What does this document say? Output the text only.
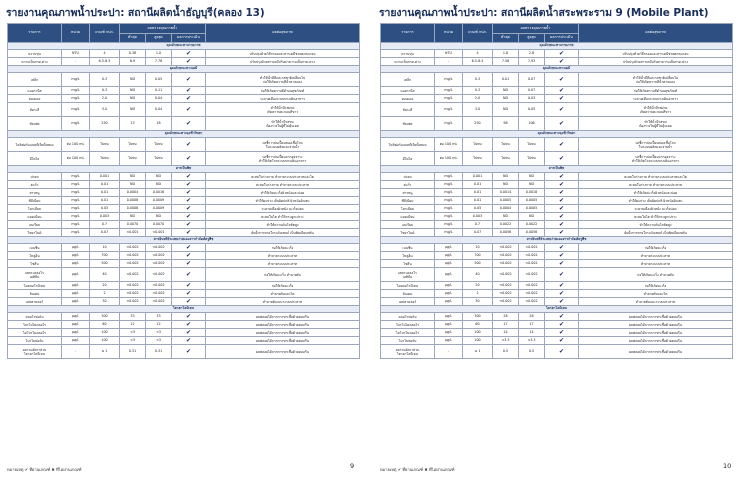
รายงานคุณภาพน้ำประปา: สถานีผลิตน้ำธัญบุรี(คลอง 13)
รายการ	หน่วย	เกณฑ์ กปภ.	ผลตรวจคุณภาพน้ำ			ผลต่อสุขภาพ
			ต่ำสุด	สูงสุด	ผลการประเมิน	
คุณลักษณะทางกายภาพ						

ความขุ่น	NTU	4	0.38	1.0	✔	ปรับปรุงด้วยวิธีกรองและสารเคมีช่วยตกตะกอน

ความเป็นกรด-ด่าง	-	6.5-8.5	6.9	7.78	✔	ปรับปรุงด้วยสารเคมีปรับค่าความเป็นกรด-ด่าง

คุณลักษณะทางเคมี						

เหล็ก	mg/L	0.3	ND	0.05	✔	ทำให้น้ำมีสีและรสชาติเปลี่ยนไป
ก่อให้เกิดคราบสีน้ำตาลแดง

แมงกานีส	mg/L	0.3	ND	0.11	✔	ก่อให้เกิดคราบสีดำบนสุขภัณฑ์

ทองแดง	mg/L	2.0	ND	0.04	✔	ระคายเคืองระบบทางเดินอาหาร

สังกะสี	mg/L	3.0	ND	0.04	✔	ทำให้น้ำมีรสฝาด
เกิดคราบตะกอนสีขาว

ซัลเฟต	mg/L	250	13	18	✔	ทำให้น้ำมีรสขม
ท้องร่วงในผู้ที่ไม่คุ้นเคย

คุณลักษณะทางจุลชีววิทยา						

โคลิฟอร์มแบคทีเรียทั้งหมด	ต่อ 100 mL	ไม่พบ	ไม่พบ	ไม่พบ	✔	บ่งชี้การปนเปื้อนของเชื้อโรค
ในระบบผลิตและจ่ายน้ำ

อีโคไล	ต่อ 100 mL	ไม่พบ	ไม่พบ	ไม่พบ	✔	บ่งชี้การปนเปื้อนจากอุจจาระ
ทำให้เกิดโรคระบบทางเดินอาหาร

สารเป็นพิษ						

ปรอท	mg/L	0.001	ND	ND	✔	สะสมในร่างกาย ทำลายระบบประสาทและไต

ตะกั่ว	mg/L	0.01	ND	ND	✔	สะสมในร่างกาย ทำลายระบบประสาท

สารหนู	mg/L	0.01	0.0004	0.0016	✔	ทำให้เกิดมะเร็งผิวหนังและปอด

ซีลีเนียม	mg/L	0.01	0.0008	0.0009	✔	ทำให้ผมร่วง เล็บผิดปกติ ผิวหนังอักเสบ

โครเมียม	mg/L	0.05	0.0008	0.0009	✔	ระคายเคืองผิวหนัง มะเร็งปอด

แคดเมียม	mg/L	0.003	ND	ND	✔	สะสมในไต ทำให้กระดูกเปราะ

แบเรียม	mg/L	0.7	0.0070	0.0070	✔	ทำให้ความดันโลหิตสูง

ไซยาไนด์	mg/L	0.07	<0.001	<0.001	✔	ยับยั้งการหายใจระดับเซลล์ เป็นพิษเฉียบพลัน

สารอินทรีย์ระเหยง่ายและสารกำจัดศัตรูพืช						

เบนซีน	µg/L	10	<0.002	<0.002	✔	ก่อให้เกิดมะเร็ง

โทลูอีน	µg/L	700	<0.002	<0.002	✔	ทำลายระบบประสาท

ไซลีน	µg/L	500	<0.002	<0.002	✔	ทำลายระบบประสาท

เตตระคลอโร
เอทิลีน	µg/L	40	<0.002	<0.002	✔	ก่อให้เกิดมะเร็ง ทำลายตับ

ไดคลอโรมีเทน	µg/L	20	<0.002	<0.002	✔	ก่อให้เกิดมะเร็ง

ลินเดน	µg/L	2	<0.002	<0.002	✔	ทำลายตับและไต

เฮปตาคลอร์	µg/L	30	<0.002	<0.002	✔	ทำลายตับและระบบประสาท

ไตรฮาโลมีเทน						

คลอโรฟอร์ม	µg/L	300	33	33	✔	ผลพลอยได้จากการฆ่าเชื้อด้วยคลอรีน

โบรโมไดคลอโร	µg/L	60	12	12	✔	ผลพลอยได้จากการฆ่าเชื้อด้วยคลอรีน

ไดโบรโมคลอโร	µg/L	100	<3	<3	✔	ผลพลอยได้จากการฆ่าเชื้อด้วยคลอรีน

โบรโมฟอร์ม	µg/L	100	<3	<3	✔	ผลพลอยได้จากการฆ่าเชื้อด้วยคลอรีน

ผลรวมอัตราส่วน
ไตรฮาโลมีเทน	-	≤ 1	0.31	0.31	✔	ผลพลอยได้จากการฆ่าเชื้อด้วยคลอรีน
หมายเหตุ ✔ ที่ผ่านเกณฑ์ ✖ ที่ไม่ผ่านเกณฑ์	9
รายงานคุณภาพน้ำประปา: สถานีผลิตน้ำสระพระราม 9 (Mobile Plant)
รายการ	หน่วย	เกณฑ์ กปภ.	ผลตรวจคุณภาพน้ำ			ผลต่อสุขภาพ
			ต่ำสุด	สูงสุด	ผลการประเมิน	
คุณลักษณะทางกายภาพ						

ความขุ่น	NTU	4	1.8	2.8	✔	ปรับปรุงด้วยวิธีกรองและสารเคมีช่วยตกตะกอน

ความเป็นกรด-ด่าง	-	6.5-8.5	7.58	7.93	✔	ปรับปรุงด้วยสารเคมีปรับค่าความเป็นกรด-ด่าง

คุณลักษณะทางเคมี						

เหล็ก	mg/L	0.3	0.01	0.07	✔	ทำให้น้ำมีสีและรสชาติเปลี่ยนไป
ก่อให้เกิดคราบสีน้ำตาลแดง

แมงกานีส	mg/L	0.3	ND	0.07	✔	ก่อให้เกิดคราบสีดำบนสุขภัณฑ์

ทองแดง	mg/L	2.0	ND	0.03	✔	ระคายเคืองระบบทางเดินอาหาร

สังกะสี	mg/L	3.0	ND	0.05	✔	ทำให้น้ำมีรสฝาด
เกิดคราบตะกอนสีขาว

ซัลเฟต	mg/L	250	96	106	✔	ทำให้น้ำมีรสขม
ท้องร่วงในผู้ที่ไม่คุ้นเคย

คุณลักษณะทางจุลชีววิทยา						

โคลิฟอร์มแบคทีเรียทั้งหมด	ต่อ 100 mL	ไม่พบ	ไม่พบ	ไม่พบ	✔	บ่งชี้การปนเปื้อนของเชื้อโรค
ในระบบผลิตและจ่ายน้ำ

อีโคไล	ต่อ 100 mL	ไม่พบ	ไม่พบ	ไม่พบ	✔	บ่งชี้การปนเปื้อนจากอุจจาระ
ทำให้เกิดโรคระบบทางเดินอาหาร

สารเป็นพิษ						

ปรอท	mg/L	0.001	ND	ND	✔	สะสมในร่างกาย ทำลายระบบประสาทและไต

ตะกั่ว	mg/L	0.01	ND	ND	✔	สะสมในร่างกาย ทำลายระบบประสาท

สารหนู	mg/L	0.01	0.0014	0.0018	✔	ทำให้เกิดมะเร็งผิวหนังและปอด

ซีลีเนียม	mg/L	0.01	0.0005	0.0005	✔	ทำให้ผมร่วง เล็บผิดปกติ ผิวหนังอักเสบ

โครเมียม	mg/L	0.05	0.0004	0.0005	✔	ระคายเคืองผิวหนัง มะเร็งปอด

แคดเมียม	mg/L	0.003	ND	ND	✔	สะสมในไต ทำให้กระดูกเปราะ

แบเรียม	mg/L	0.7	0.0022	0.0022	✔	ทำให้ความดันโลหิตสูง

ไซยาไนด์	mg/L	0.07	0.0056	0.0056	✔	ยับยั้งการหายใจระดับเซลล์ เป็นพิษเฉียบพลัน

สารอินทรีย์ระเหยง่ายและสารกำจัดศัตรูพืช						

เบนซีน	µg/L	10	<0.002	<0.002	✔	ก่อให้เกิดมะเร็ง

โทลูอีน	µg/L	700	<0.002	<0.002	✔	ทำลายระบบประสาท

ไซลีน	µg/L	500	<0.002	<0.002	✔	ทำลายระบบประสาท

เตตระคลอโร
เอทิลีน	µg/L	40	<0.002	<0.002	✔	ก่อให้เกิดมะเร็ง ทำลายตับ

ไดคลอโรมีเทน	µg/L	20	<0.002	<0.002	✔	ก่อให้เกิดมะเร็ง

ลินเดน	µg/L	2	<0.002	<0.002	✔	ทำลายตับและไต

เฮปตาคลอร์	µg/L	30	<0.002	<0.002	✔	ทำลายตับและระบบประสาท

ไตรฮาโลมีเทน						

คลอโรฟอร์ม	µg/L	300	28	28	✔	ผลพลอยได้จากการฆ่าเชื้อด้วยคลอรีน

โบรโมไดคลอโร	µg/L	60	17	17	✔	ผลพลอยได้จากการฆ่าเชื้อด้วยคลอรีน

ไดโบรโมคลอโร	µg/L	100	14	14	✔	ผลพลอยได้จากการฆ่าเชื้อด้วยคลอรีน

โบรโมฟอร์ม	µg/L	100	<3.3	<3.3	✔	ผลพลอยได้จากการฆ่าเชื้อด้วยคลอรีน

ผลรวมอัตราส่วน
ไตรฮาโลมีเทน	-	≤ 1	0.5	0.5	✔	ผลพลอยได้จากการฆ่าเชื้อด้วยคลอรีน
หมายเหตุ ✔ ที่ผ่านเกณฑ์ ✖ ที่ไม่ผ่านเกณฑ์	10
